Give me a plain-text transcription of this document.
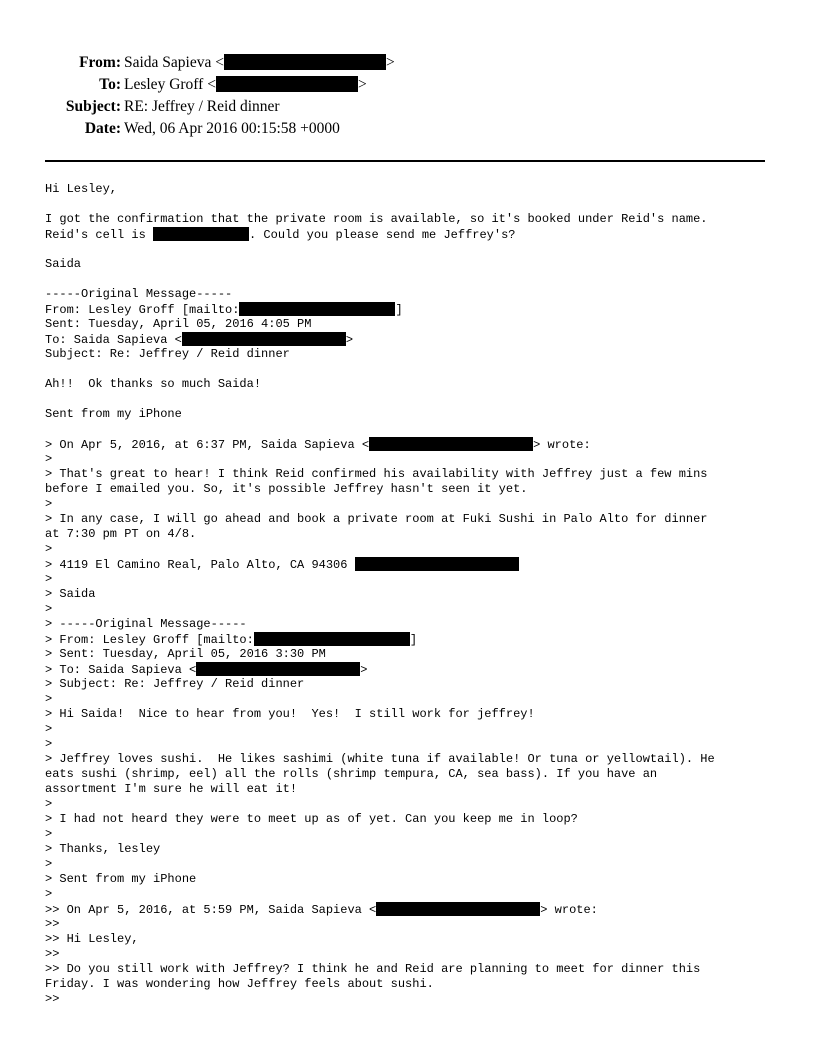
From: Saida Sapieva <	>
To: Lesley Groff <	>
Subject: RE: Jeffrey / Reid dinner
Date: Wed, 06 Apr 2016 00:15:58 +0000
Hi Lesley,
I got the confirmation that the private room is available, so it's booked under Reid's name.
Reid's cell is	. Could you please send me Jeffrey's?
Saida
-----Original Message-----
From: Lesley Groff [mailto:	]
Sent: Tuesday, April 05, 2016 4:05 PM
To: Saida Sapieva <	>
Subject: Re: Jeffrey / Reid dinner
Ah!!  Ok thanks so much Saida!
Sent from my iPhone
> On Apr 5, 2016, at 6:37 PM, Saida Sapieva <	> wrote:
>
> That's great to hear! I think Reid confirmed his availability with Jeffrey just a few mins
before I emailed you. So, it's possible Jeffrey hasn't seen it yet.
>
> In any case, I will go ahead and book a private room at Fuki Sushi in Palo Alto for dinner
at 7:30 pm PT on 4/8.
>
> 4119 El Camino Real, Palo Alto, CA 94306
>
> Saida
>
> -----Original Message-----
> From: Lesley Groff [mailto:	]
> Sent: Tuesday, April 05, 2016 3:30 PM
> To: Saida Sapieva <	>
> Subject: Re: Jeffrey / Reid dinner
>
> Hi Saida!  Nice to hear from you!  Yes!  I still work for jeffrey!
>
>
> Jeffrey loves sushi.  He likes sashimi (white tuna if available! Or tuna or yellowtail). He
eats sushi (shrimp, eel) all the rolls (shrimp tempura, CA, sea bass). If you have an
assortment I'm sure he will eat it!
>
> I had not heard they were to meet up as of yet. Can you keep me in loop?
>
> Thanks, lesley
>
> Sent from my iPhone
>
>> On Apr 5, 2016, at 5:59 PM, Saida Sapieva <	> wrote:
>>
>> Hi Lesley,
>>
>> Do you still work with Jeffrey? I think he and Reid are planning to meet for dinner this
Friday. I was wondering how Jeffrey feels about sushi.
>>
